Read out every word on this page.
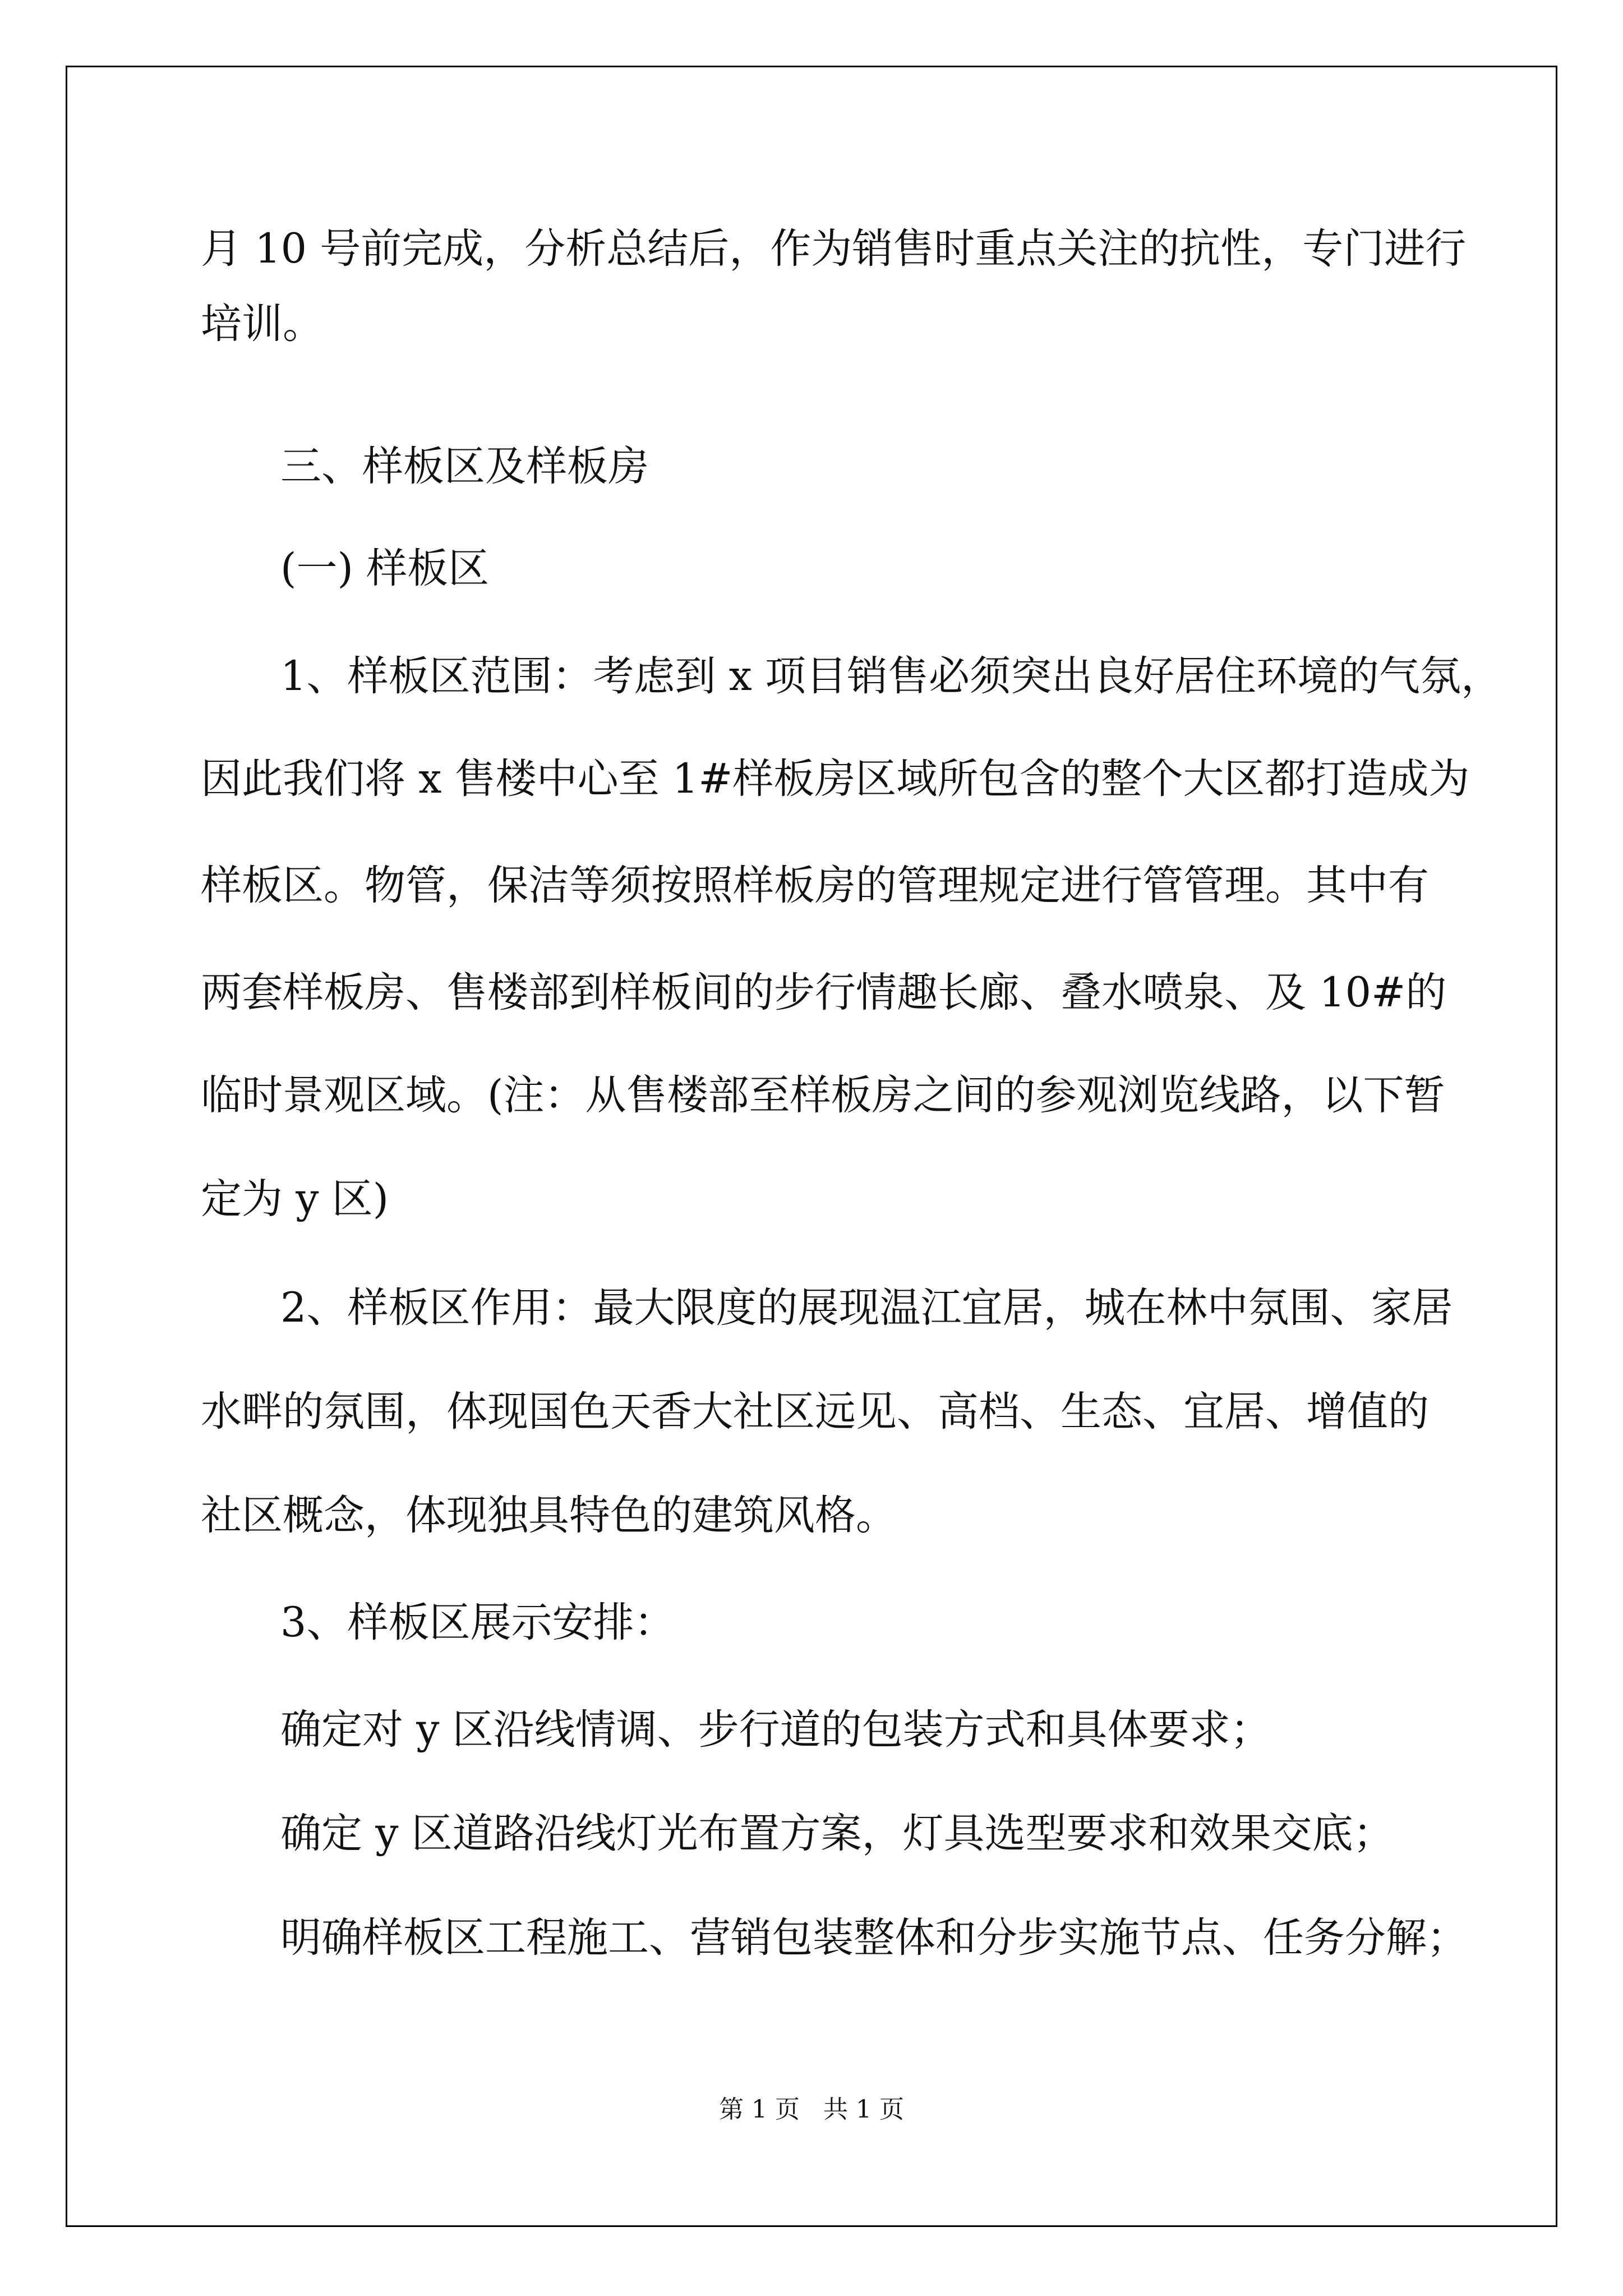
月 10 号前完成，分析总结后，作为销售时重点关注的抗性，专门进行
培训。
三、样板区及样板房
(一) 样板区
1、样板区范围：考虑到 x 项目销售必须突出良好居住环境的气氛，
因此我们将 x 售楼中心至 1#样板房区域所包含的整个大区都打造成为
样板区。物管，保洁等须按照样板房的管理规定进行管管理。其中有
两套样板房、售楼部到样板间的步行情趣长廊、叠水喷泉、及 10#的
临时景观区域。(注：从售楼部至样板房之间的参观浏览线路，以下暂
定为 y 区)
2、样板区作用：最大限度的展现温江宜居，城在林中氛围、家居
水畔的氛围，体现国色天香大社区远见、高档、生态、宜居、增值的
社区概念，体现独具特色的建筑风格。
3、样板区展示安排：
确定对 y 区沿线情调、步行道的包装方式和具体要求；
确定 y 区道路沿线灯光布置方案，灯具选型要求和效果交底；
明确样板区工程施工、营销包装整体和分步实施节点、任务分解；
第 1 页   共 1 页
